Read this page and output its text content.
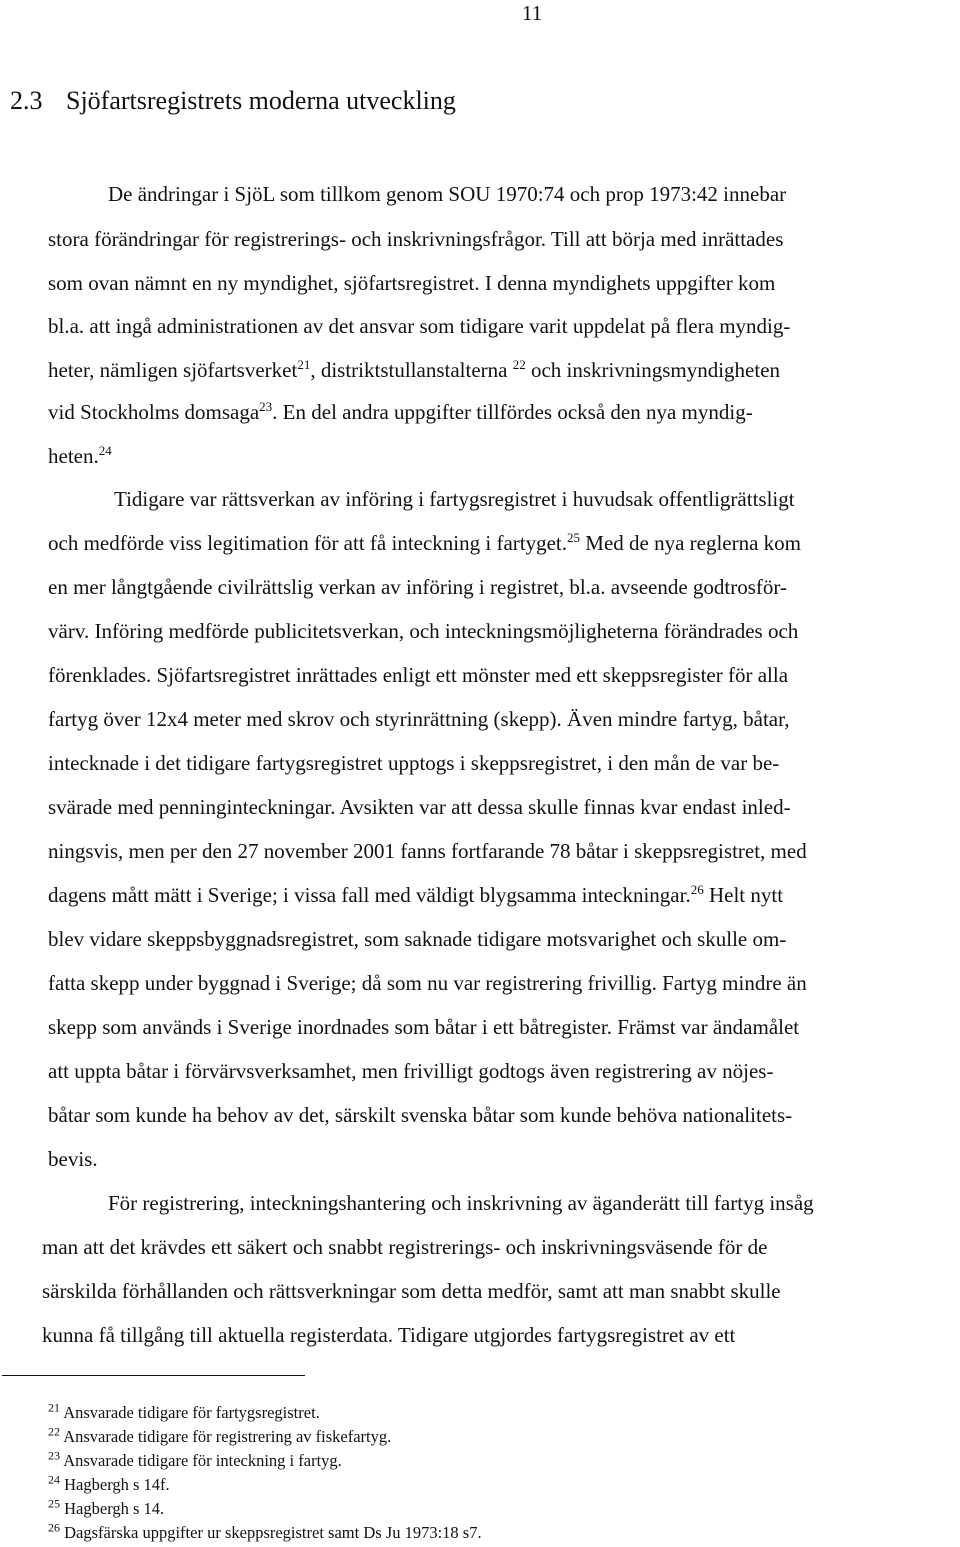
11
2.3 Sjöfartsregistrets moderna utveckling
De ändringar i SjöL som tillkom genom SOU 1970:74 och prop 1973:42 innebar
stora förändringar för registrerings- och inskrivningsfrågor. Till att börja med inrättades
som ovan nämnt en ny myndighet, sjöfartsregistret. I denna myndighets uppgifter kom
bl.a. att ingå administrationen av det ansvar som tidigare varit uppdelat på flera myndig-
heter, nämligen sjöfartsverket$^{21}$, distriktstullanstalterna $^{22}$ och inskrivningsmyndigheten
vid Stockholms domsaga$^{23}$. En del andra uppgifter tillfördes också den nya myndig-
heten.$^{24}$
Tidigare var rättsverkan av införing i fartygsregistret i huvudsak offentligrättsligt
och medförde viss legitimation för att få inteckning i fartyget.$^{25}$ Med de nya reglerna kom
en mer långtgående civilrättslig verkan av införing i registret, bl.a. avseende godtrosför-
värv. Införing medförde publicitetsverkan, och inteckningsmöjligheterna förändrades och
förenklades. Sjöfartsregistret inrättades enligt ett mönster med ett skeppsregister för alla
fartyg över 12x4 meter med skrov och styrinrättning (skepp). Även mindre fartyg, båtar,
intecknade i det tidigare fartygsregistret upptogs i skeppsregistret, i den mån de var be-
svärade med penninginteckningar. Avsikten var att dessa skulle finnas kvar endast inled-
ningsvis, men per den 27 november 2001 fanns fortfarande 78 båtar i skeppsregistret, med
dagens mått mätt i Sverige; i vissa fall med väldigt blygsamma inteckningar.$^{26}$ Helt nytt
blev vidare skeppsbyggnadsregistret, som saknade tidigare motsvarighet och skulle om-
fatta skepp under byggnad i Sverige; då som nu var registrering frivillig. Fartyg mindre än
skepp som används i Sverige inordnades som båtar i ett båtregister. Främst var ändamålet
att uppta båtar i förvärvsverksamhet, men frivilligt godtogs även registrering av nöjes-
båtar som kunde ha behov av det, särskilt svenska båtar som kunde behöva nationalitets-
bevis.
För registrering, inteckningshantering och inskrivning av äganderätt till fartyg insåg
man att det krävdes ett säkert och snabbt registrerings- och inskrivningsväsende för de
särskilda förhållanden och rättsverkningar som detta medför, samt att man snabbt skulle
kunna få tillgång till aktuella registerdata. Tidigare utgjordes fartygsregistret av ett
$^{21}$ Ansvarade tidigare för fartygsregistret.
$^{22}$ Ansvarade tidigare för registrering av fiskefartyg.
$^{23}$ Ansvarade tidigare för inteckning i fartyg.
$^{24}$ Hagbergh s 14f.
$^{25}$ Hagbergh s 14.
$^{26}$ Dagsfärska uppgifter ur skeppsregistret samt Ds Ju 1973:18 s7.
